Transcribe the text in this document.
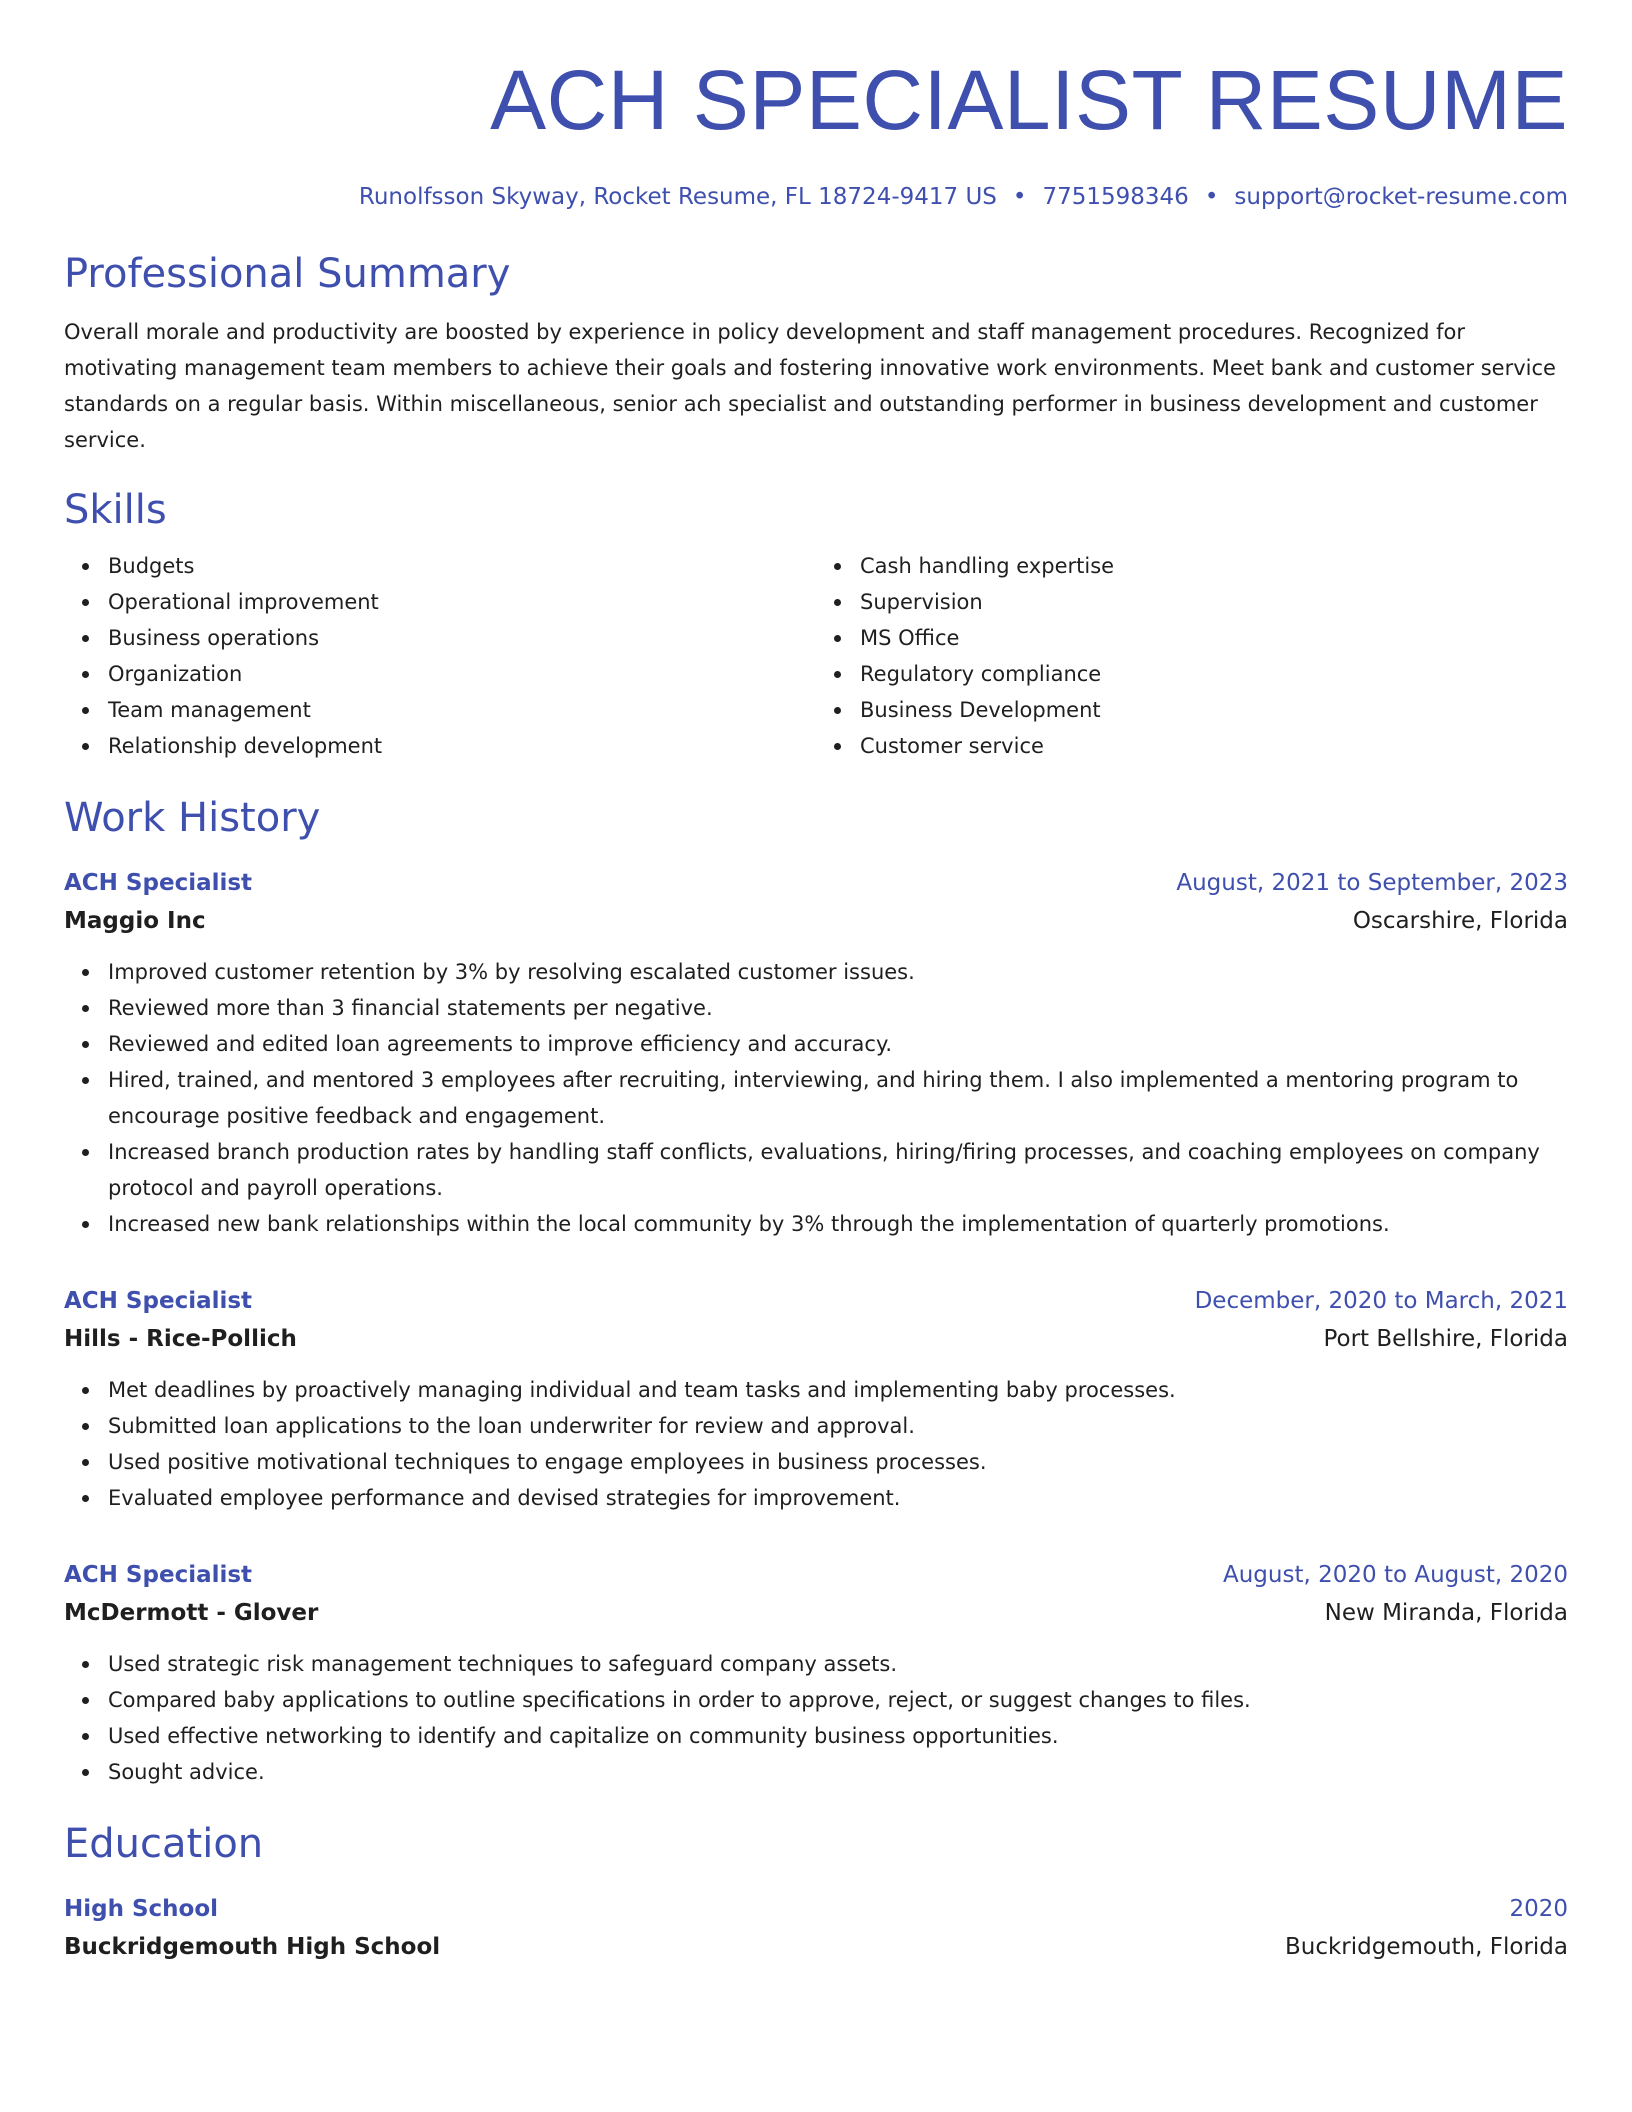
ACH SPECIALIST RESUME
Runolfsson Skyway, Rocket Resume, FL 18724-9417 US • 7751598346 • support@rocket-resume.com
Professional Summary

Overall morale and productivity are boosted by experience in policy development and staff management procedures. Recognized for motivating management team members to achieve their goals and fostering innovative work environments. Meet bank and customer service standards on a regular basis. Within miscellaneous, senior ach specialist and outstanding performer in business development and customer service.

Skills
Budgets
Operational improvement
Business operations
Organization
Team management
Relationship development
Cash handling expertise
Supervision
MS Office
Regulatory compliance
Business Development
Customer service
Work History
ACH Specialist	August, 2021 to September, 2023
Maggio Inc	Oscarshire, Florida
Improved customer retention by 3% by resolving escalated customer issues.
Reviewed more than 3 financial statements per negative.
Reviewed and edited loan agreements to improve efficiency and accuracy.
Hired, trained, and mentored 3 employees after recruiting, interviewing, and hiring them. I also implemented a mentoring program to encourage positive feedback and engagement.
Increased branch production rates by handling staff conflicts, evaluations, hiring/firing processes, and coaching employees on company protocol and payroll operations.
Increased new bank relationships within the local community by 3% through the implementation of quarterly promotions.
ACH Specialist	December, 2020 to March, 2021
Hills - Rice-Pollich	Port Bellshire, Florida
Met deadlines by proactively managing individual and team tasks and implementing baby processes.
Submitted loan applications to the loan underwriter for review and approval.
Used positive motivational techniques to engage employees in business processes.
Evaluated employee performance and devised strategies for improvement.
ACH Specialist	August, 2020 to August, 2020
McDermott - Glover	New Miranda, Florida
Used strategic risk management techniques to safeguard company assets.
Compared baby applications to outline specifications in order to approve, reject, or suggest changes to files.
Used effective networking to identify and capitalize on community business opportunities.
Sought advice.
Education
High School	2020
Buckridgemouth High School	Buckridgemouth, Florida
